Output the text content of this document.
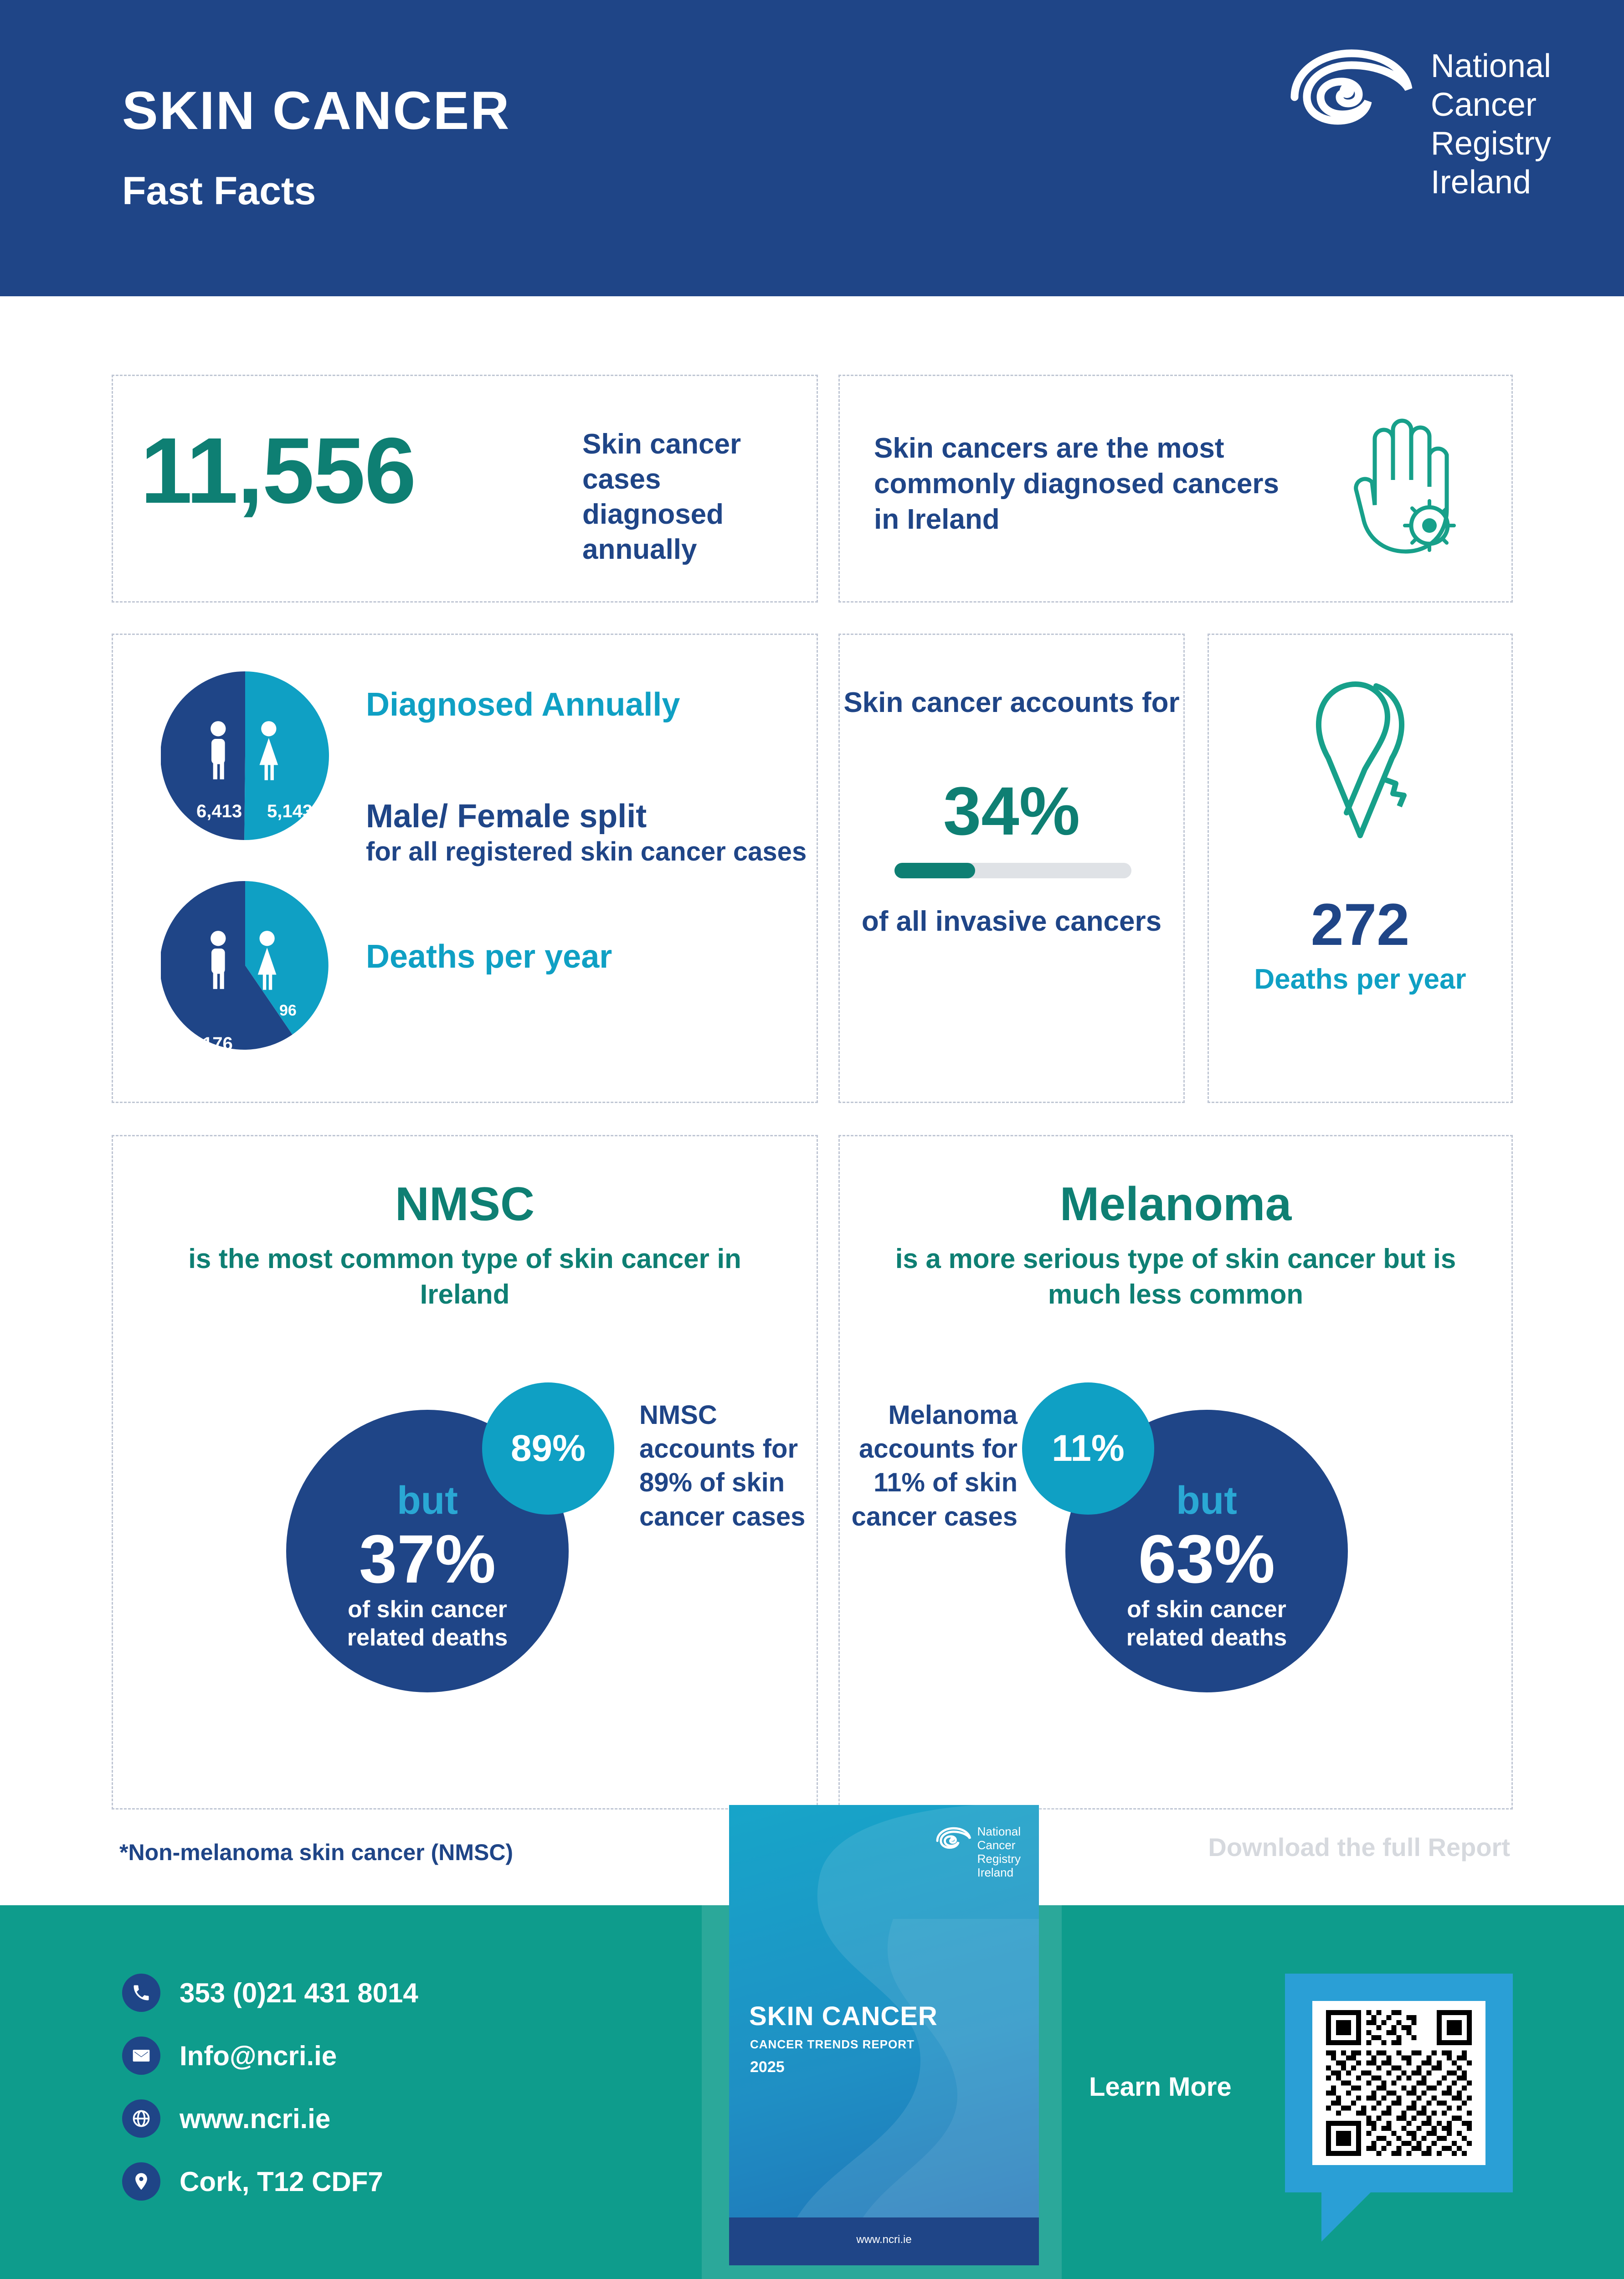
SKIN CANCER
Fast Facts
National
Cancer
Registry
Ireland
11,556	Skin cancer cases diagnosed annually
Skin cancers are the most commonly diagnosed cancers in Ireland
6,413 5,143
176
96
Diagnosed Annually
Male/ Female split
for all registered skin cancer cases
Deaths per year
Skin cancer accounts for
34%
of all invasive cancers	272
Deaths per year
NMSC
is the most common type of skin cancer in Ireland
but
37%
of skin cancer related deaths
89%
NMSC accounts for 89% of skin cancer cases
Melanoma
is a more serious type of skin cancer but is much less common
but
63%
of skin cancer related deaths
11%
Melanoma accounts for 11% of skin cancer cases
*Non-melanoma skin cancer (NMSC)	Download the full Report
353 (0)21 431 8014
Info@ncri.ie
www.ncri.ie
Cork, T12 CDF7
National
Cancer
Registry
Ireland
SKIN CANCER
CANCER TRENDS REPORT
2025
www.ncri.ie
Learn More
